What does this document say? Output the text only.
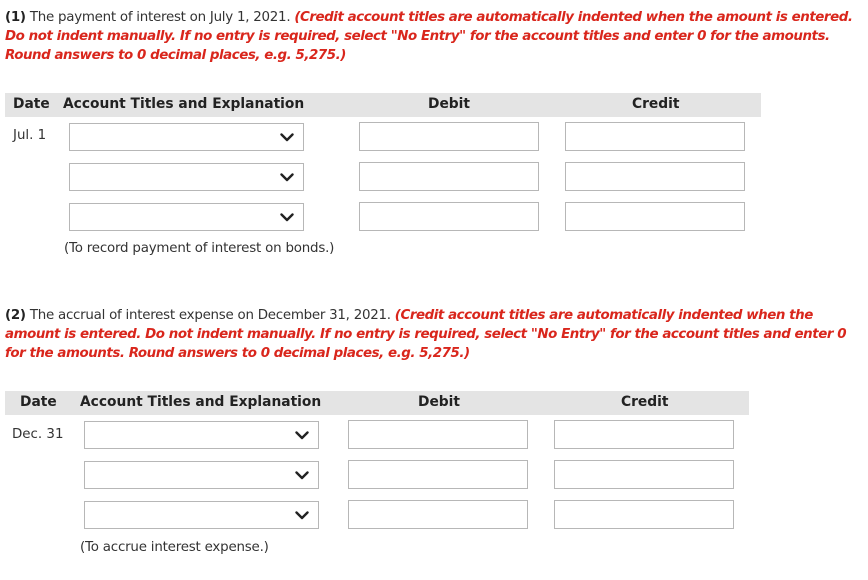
(1) The payment of interest on July 1, 2021. (Credit account titles are automatically indented when the amount is entered. Do not indent manually. If no entry is required, select "No Entry" for the account titles and enter 0 for the amounts. Round answers to 0 decimal places, e.g. 5,275.)
Date Account Titles and Explanation	Debit	Credit
Jul. 1
(To record payment of interest on bonds.)
(2) The accrual of interest expense on December 31, 2021. (Credit account titles are automatically indented when the amount is entered. Do not indent manually. If no entry is required, select "No Entry" for the account titles and enter 0 for the amounts. Round answers to 0 decimal places, e.g. 5,275.)
Date Account Titles and Explanation	Debit	Credit
Dec. 31
(To accrue interest expense.)
